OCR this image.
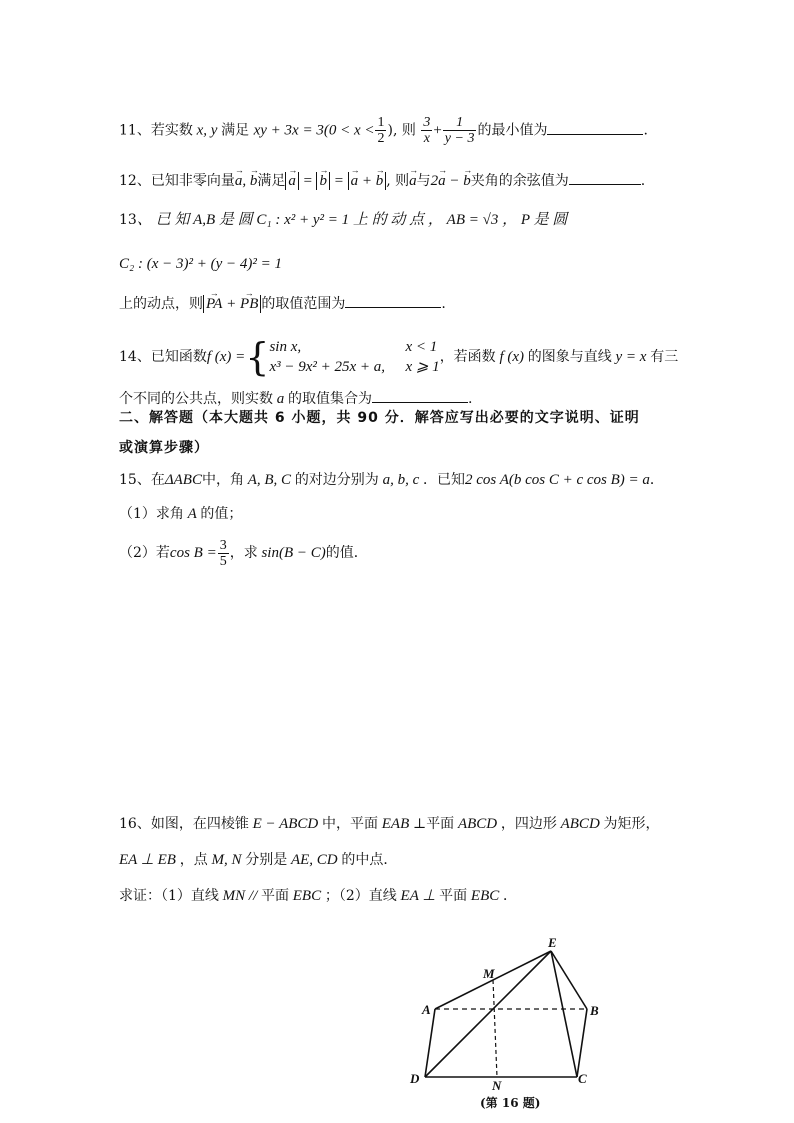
11、若实数 x, y 满足 xy + $3x = 3(0 < x < \frac{1}{2}$ ), 则 $\frac{3}{x} + \frac{1}{y - 3}$ 的最小值为	.
12、已知非零向量→ a, → b满足 → a = → b = → a + → b , 则→ a与2→ a − → b夹角的余弦值为	.
13、 已 知 A,B 是 圆 C₁ : x² + y² = 1 上 的 动 点 ， AB = √3 ， P 是 圆
C₂ : (x − 3)² + (y − 4)² = 1
上的动点，则 → PA + → PB 的取值范围为	.
14、已知函数f (x) ={ sin x,	x < 1
x³ − 9x² + 25x + a, x ⩾ 1
，若函数 f (x) 的图象与直线 y = x 有三
个不同的公共点，则实数 a 的取值集合为	.
二、解答题（本大题共 6 小题，共 90 分．解答应写出必要的文字说明、证明
或演算步骤）
15、在ΔABC中，角 A, B, C 的对边分别为 a, b, c ．已知2 cos A(b cos C + c cos B) = a．
（1）求角 A 的值；
（2）若$\cos B = \frac{3}{5}$ ，求 sin(B − C)的值．
16、如图，在四棱锥 E − ABCD 中，平面 EAB ⊥平面 ABCD ，四边形 ABCD 为矩形，
EA ⊥ EB ，点 M, N 分别是 AE, CD 的中点．
求证：（1）直线 MN // 平面 EBC ；（2）直线 EA ⊥ 平面 EBC ．
E
M
A	B
D	N	C
(第 16 题)
